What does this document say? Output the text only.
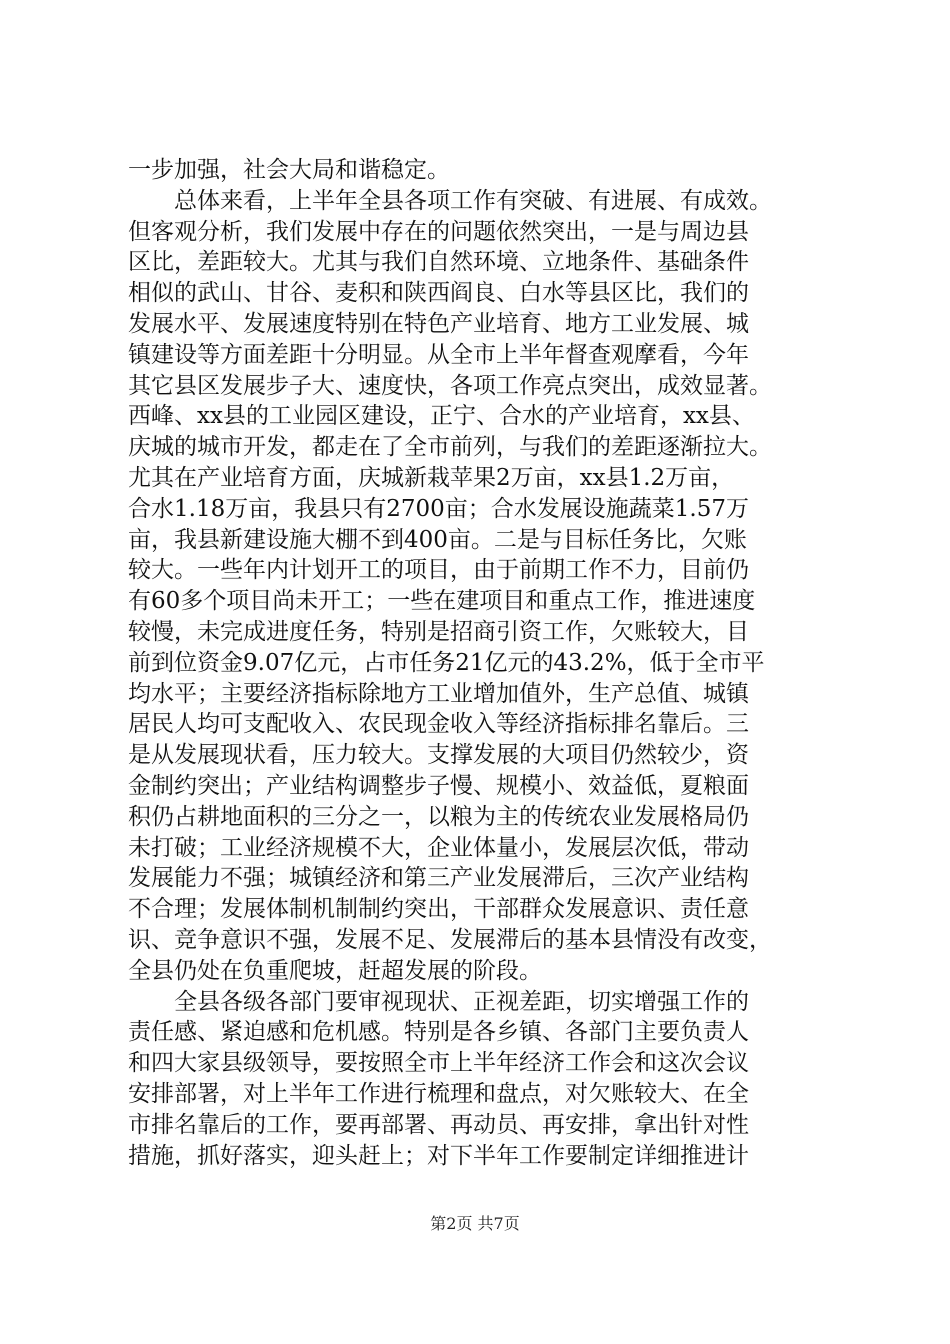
一步加强，社会大局和谐稳定。
　　总体来看，上半年全县各项工作有突破、有进展、有成效。
但客观分析，我们发展中存在的问题依然突出，一是与周边县
区比，差距较大。尤其与我们自然环境、立地条件、基础条件
相似的武山、甘谷、麦积和陕西阎良、白水等县区比，我们的
发展水平、发展速度特别在特色产业培育、地方工业发展、城
镇建设等方面差距十分明显。从全市上半年督查观摩看，今年
其它县区发展步子大、速度快，各项工作亮点突出，成效显著。
西峰、xx县的工业园区建设，正宁、合水的产业培育，xx县、
庆城的城市开发，都走在了全市前列，与我们的差距逐渐拉大。
尤其在产业培育方面，庆城新栽苹果2万亩，xx县1.2万亩，
合水1.18万亩，我县只有2700亩；合水发展设施蔬菜1.57万
亩，我县新建设施大棚不到400亩。二是与目标任务比，欠账
较大。一些年内计划开工的项目，由于前期工作不力，目前仍
有60多个项目尚未开工；一些在建项目和重点工作，推进速度
较慢，未完成进度任务，特别是招商引资工作，欠账较大，目
前到位资金9.07亿元，占市任务21亿元的43.2%，低于全市平
均水平；主要经济指标除地方工业增加值外，生产总值、城镇
居民人均可支配收入、农民现金收入等经济指标排名靠后。三
是从发展现状看，压力较大。支撑发展的大项目仍然较少，资
金制约突出；产业结构调整步子慢、规模小、效益低，夏粮面
积仍占耕地面积的三分之一，以粮为主的传统农业发展格局仍
未打破；工业经济规模不大，企业体量小，发展层次低，带动
发展能力不强；城镇经济和第三产业发展滞后，三次产业结构
不合理；发展体制机制制约突出，干部群众发展意识、责任意
识、竞争意识不强，发展不足、发展滞后的基本县情没有改变，
全县仍处在负重爬坡，赶超发展的阶段。
　　全县各级各部门要审视现状、正视差距，切实增强工作的
责任感、紧迫感和危机感。特别是各乡镇、各部门主要负责人
和四大家县级领导，要按照全市上半年经济工作会和这次会议
安排部署，对上半年工作进行梳理和盘点，对欠账较大、在全
市排名靠后的工作，要再部署、再动员、再安排，拿出针对性
措施，抓好落实，迎头赶上；对下半年工作要制定详细推进计
第2页 共7页
